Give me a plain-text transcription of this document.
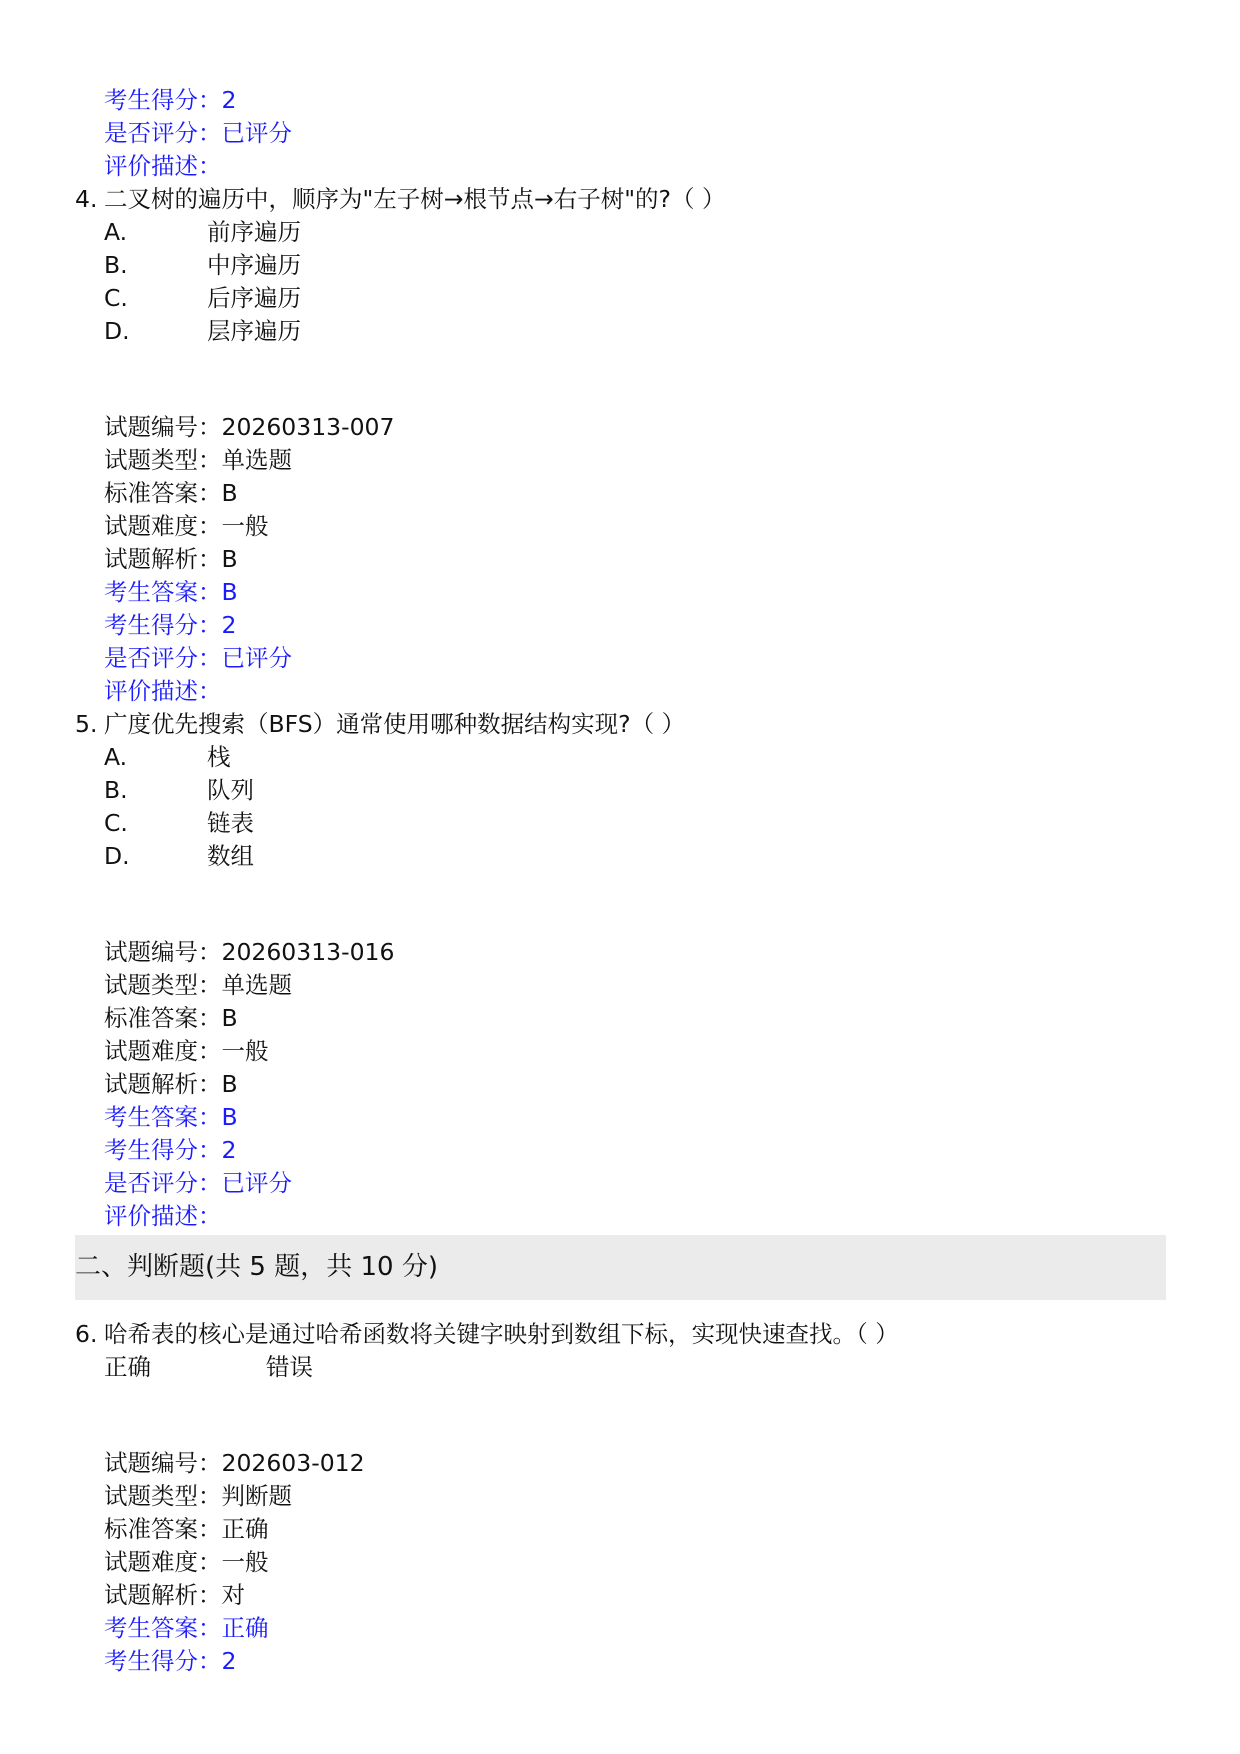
考生得分：2
是否评分：已评分
评价描述：
4. 二叉树的遍历中，顺序为"左子树→根节点→右子树"的?（ ）
A.	前序遍历
B.	中序遍历
C.	后序遍历
D.	层序遍历
试题编号：20260313-007
试题类型：单选题
标准答案：B
试题难度：一般
试题解析：B
考生答案：B
考生得分：2
是否评分：已评分
评价描述：
5. 广度优先搜索（BFS）通常使用哪种数据结构实现?（ ）
A.	栈
B.	队列
C.	链表
D.	数组
试题编号：20260313-016
试题类型：单选题
标准答案：B
试题难度：一般
试题解析：B
考生答案：B
考生得分：2
是否评分：已评分
评价描述：
二、判断题(共 5 题，共 10 分)
6. 哈希表的核心是通过哈希函数将关键字映射到数组下标，实现快速查找。（ ）
正确	错误
试题编号：202603-012
试题类型：判断题
标准答案：正确
试题难度：一般
试题解析：对
考生答案：正确
考生得分：2
